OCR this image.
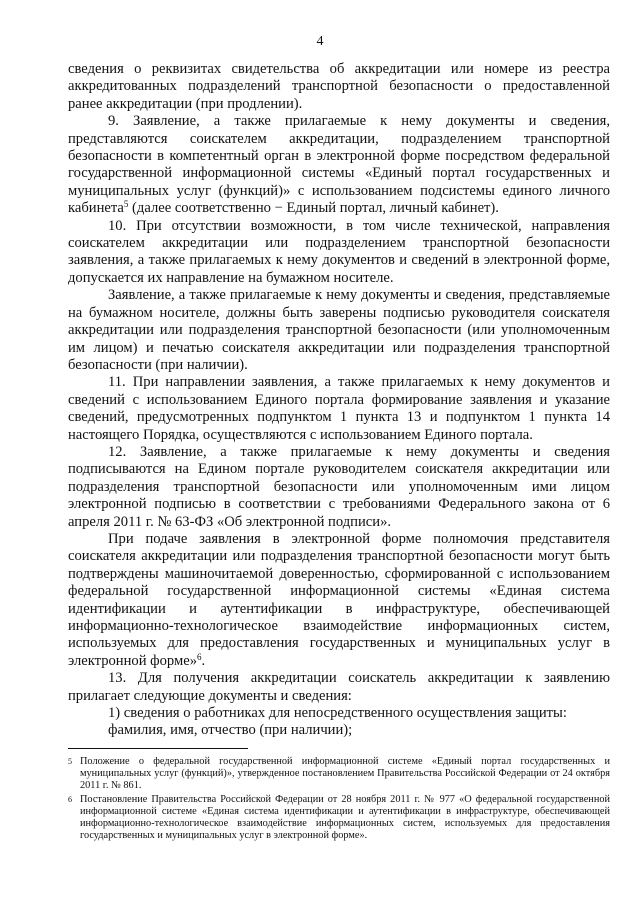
4

сведения о реквизитах свидетельства об аккредитации или номере из реестра аккредитованных подразделений транспортной безопасности о предоставленной ранее аккредитации (при продлении).

9. Заявление, а также прилагаемые к нему документы и сведения, представляются соискателем аккредитации, подразделением транспортной безопасности в компетентный орган в электронной форме посредством федеральной государственной информационной системы «Единый портал государственных и муниципальных услуг (функций)» с использованием подсистемы единого личного кабинета$^5$ (далее соответственно − Единый портал, личный кабинет).

10. При отсутствии возможности, в том числе технической, направления соискателем аккредитации или подразделением транспортной безопасности заявления, а также прилагаемых к нему документов и сведений в электронной форме, допускается их направление на бумажном носителе.

Заявление, а также прилагаемые к нему документы и сведения, представляемые на бумажном носителе, должны быть заверены подписью руководителя соискателя аккредитации или подразделения транспортной безопасности (или уполномоченным им лицом) и печатью соискателя аккредитации или подразделения транспортной безопасности (при наличии).

11. При направлении заявления, а также прилагаемых к нему документов и сведений с использованием Единого портала формирование заявления и указание сведений, предусмотренных подпунктом 1 пункта 13 и подпунктом 1 пункта 14 настоящего Порядка, осуществляются с использованием Единого портала.

12. Заявление, а также прилагаемые к нему документы и сведения подписываются на Едином портале руководителем соискателя аккредитации или подразделения транспортной безопасности или уполномоченным ими лицом электронной подписью в соответствии с требованиями Федерального закона от 6 апреля 2011 г. № 63-ФЗ «Об электронной подписи».

При подаче заявления в электронной форме полномочия представителя соискателя аккредитации или подразделения транспортной безопасности могут быть подтверждены машиночитаемой доверенностью, сформированной с использованием федеральной государственной информационной системы «Единая система идентификации и аутентификации в инфраструктуре, обеспечивающей информационно-технологическое взаимодействие информационных систем, используемых для предоставления государственных и муниципальных услуг в электронной форме»$^6$.

13. Для получения аккредитации соискатель аккредитации к заявлению прилагает следующие документы и сведения:

1) сведения о работниках для непосредственного осуществления защиты:

фамилия, имя, отчество (при наличии);

5 Положение о федеральной государственной информационной системе «Единый портал государственных и муниципальных услуг (функций)», утвержденное постановлением Правительства Российской Федерации от 24 октября 2011 г. № 861.
6 Постановление Правительства Российской Федерации от 28 ноября 2011 г. № 977 «О федеральной государственной информационной системе «Единая система идентификации и аутентификации в инфраструктуре, обеспечивающей информационно-технологическое взаимодействие информационных систем, используемых для предоставления государственных и муниципальных услуг в электронной форме».
